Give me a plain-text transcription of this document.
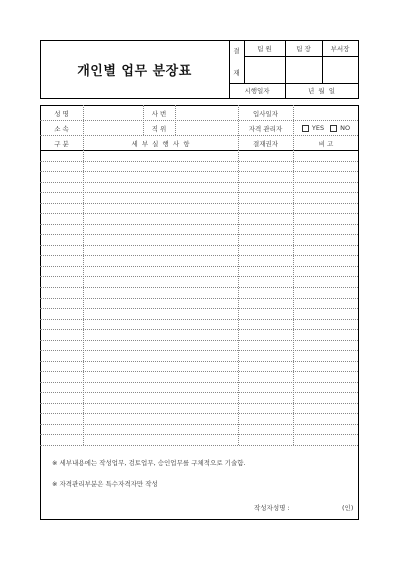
개인별 업무 분장표
결
재
팀 원	팀 장	부서장
시행일자	년  월  일
성 명	사 번	입사일자
소 속	직 위	자격 관리자	YES NO
구 분	세 부 실 행 사 항	결재권자	비 고
※ 세부내용에는 작성업무, 검토업무, 승인업무를 구체적으로 기술함.
※ 자격관리부분은 특수자격자만 작성
작성자성명 :	(인)
